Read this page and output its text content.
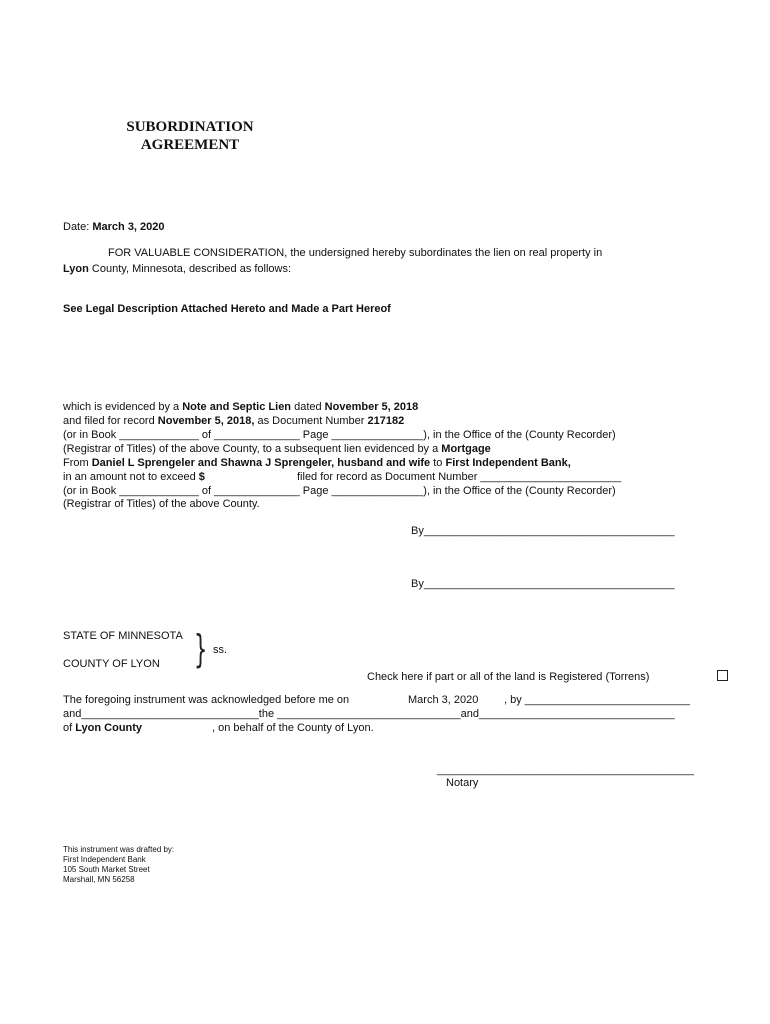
SUBORDINATION
AGREEMENT
Date: March 3, 2020
FOR VALUABLE CONSIDERATION, the undersigned hereby subordinates the lien on real property in
Lyon County, Minnesota, described as follows:
See Legal Description Attached Hereto and Made a Part Hereof
which is evidenced by a Note and Septic Lien dated November 5, 2018
and filed for record November 5, 2018, as Document Number 217182
(or in Book _____________ of ______________ Page _______________), in the Office of the (County Recorder)
(Registrar of Titles) of the above County, to a subsequent lien evidenced by a Mortgage
From Daniel L Sprengeler and Shawna J Sprengeler, husband and wife to First Independent Bank,
in an amount not to exceed $	filed for record as Document Number _______________________
(or in Book _____________ of ______________ Page _______________), in the Office of the (County Recorder)
(Registrar of Titles) of the above County.
By_________________________________________
By_________________________________________
STATE OF MINNESOTA
COUNTY OF LYON } ss.
Check here if part or all of the land is Registered (Torrens)
The foregoing instrument was acknowledged before me on	March 3, 2020 , by ___________________________
and_____________________________the ______________________________and________________________________
of Lyon County	, on behalf of the County of Lyon.
__________________________________________
Notary
This instrument was drafted by:
First Independent Bank
105 South Market Street
Marshall, MN 56258
